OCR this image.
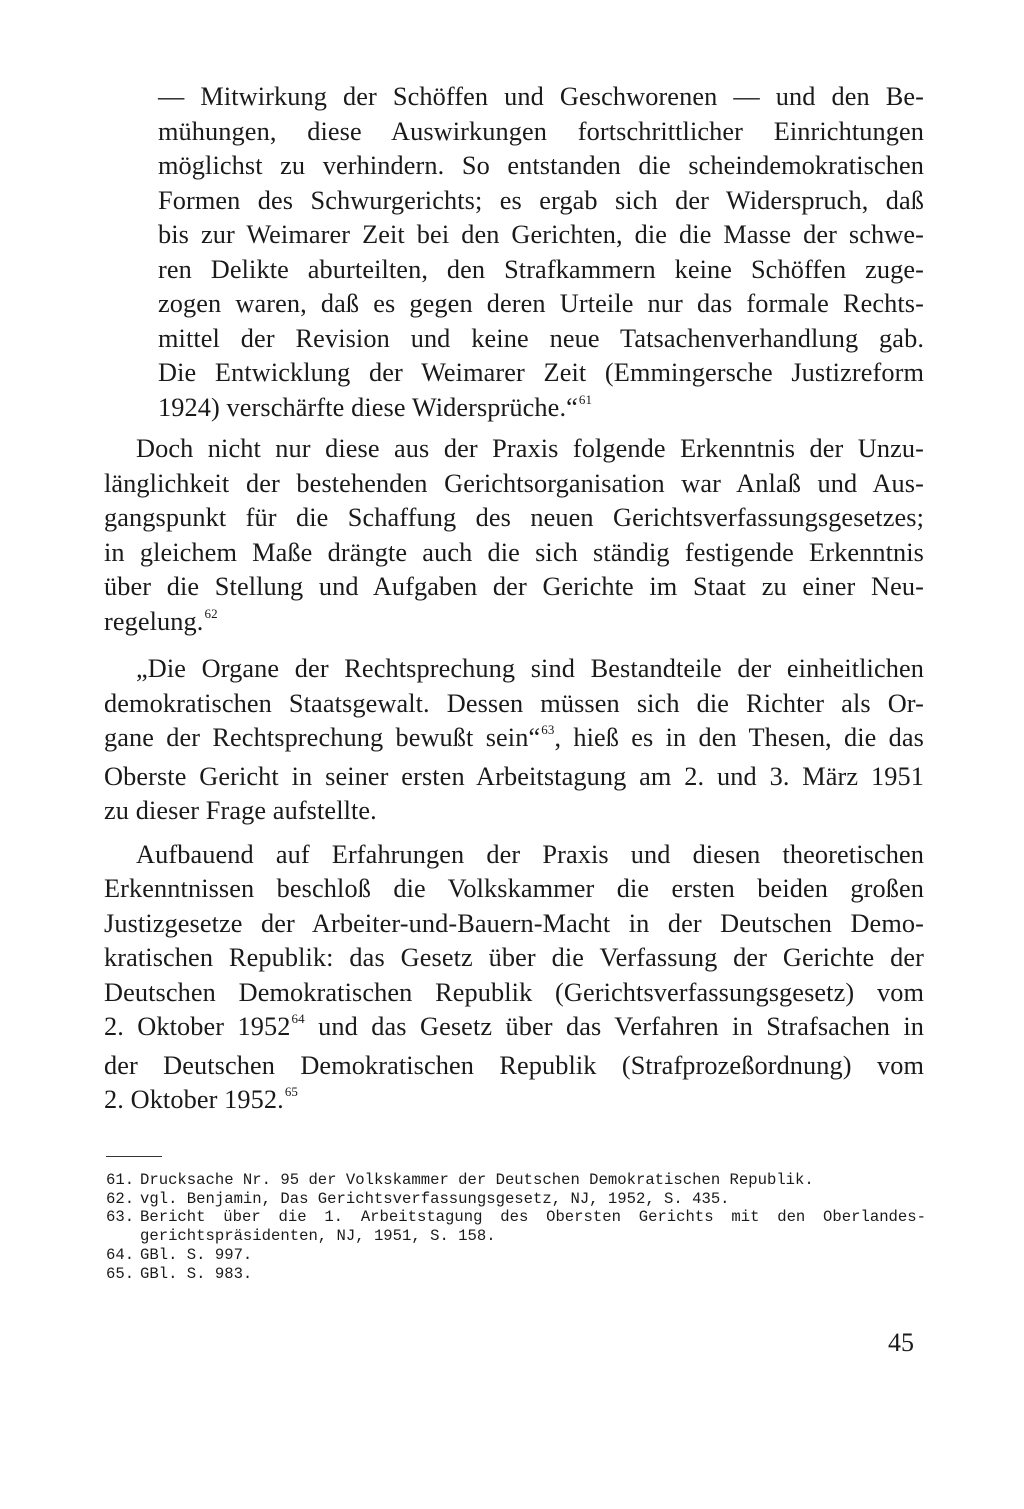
— Mitwirkung der Schöffen und Geschworenen — und den Be-
mühungen, diese Auswirkungen fortschrittlicher Einrichtungen
möglichst zu verhindern. So entstanden die scheindemokratischen
Formen des Schwurgerichts; es ergab sich der Widerspruch, daß
bis zur Weimarer Zeit bei den Gerichten, die die Masse der schwe-
ren Delikte aburteilten, den Strafkammern keine Schöffen zuge-
zogen waren, daß es gegen deren Urteile nur das formale Rechts-
mittel der Revision und keine neue Tatsachenverhandlung gab.
Die Entwicklung der Weimarer Zeit (Emmingersche Justizreform
1924) verschärfte diese Widersprüche.“$^{61}$
Doch nicht nur diese aus der Praxis folgende Erkenntnis der Unzu-
länglichkeit der bestehenden Gerichtsorganisation war Anlaß und Aus-
gangspunkt für die Schaffung des neuen Gerichtsverfassungsgesetzes;
in gleichem Maße drängte auch die sich ständig festigende Erkenntnis
über die Stellung und Aufgaben der Gerichte im Staat zu einer Neu-
regelung.$^{62}$
„Die Organe der Rechtsprechung sind Bestandteile der einheitlichen
demokratischen Staatsgewalt. Dessen müssen sich die Richter als Or-
gane der Rechtsprechung bewußt sein“$^{63}$, hieß es in den Thesen, die das
Oberste Gericht in seiner ersten Arbeitstagung am 2. und 3. März 1951
zu dieser Frage aufstellte.
Aufbauend auf Erfahrungen der Praxis und diesen theoretischen
Erkenntnissen beschloß die Volkskammer die ersten beiden großen
Justizgesetze der Arbeiter-und-Bauern-Macht in der Deutschen Demo-
kratischen Republik: das Gesetz über die Verfassung der Gerichte der
Deutschen Demokratischen Republik (Gerichtsverfassungsgesetz) vom
2. Oktober 1952$^{64}$ und das Gesetz über das Verfahren in Strafsachen in
der Deutschen Demokratischen Republik (Strafprozeßordnung) vom
2. Oktober 1952.65
61. Drucksache Nr. 95 der Volkskammer der Deutschen Demokratischen Republik.
62. vgl. Benjamin, Das Gerichtsverfassungsgesetz, NJ, 1952, S. 435.
63. Bericht über die 1. Arbeitstagung des Obersten Gerichts mit den Oberlandes-
gerichtspräsidenten, NJ, 1951, S. 158.
64. GBl. S. 997.
65. GBl. S. 983.
45
